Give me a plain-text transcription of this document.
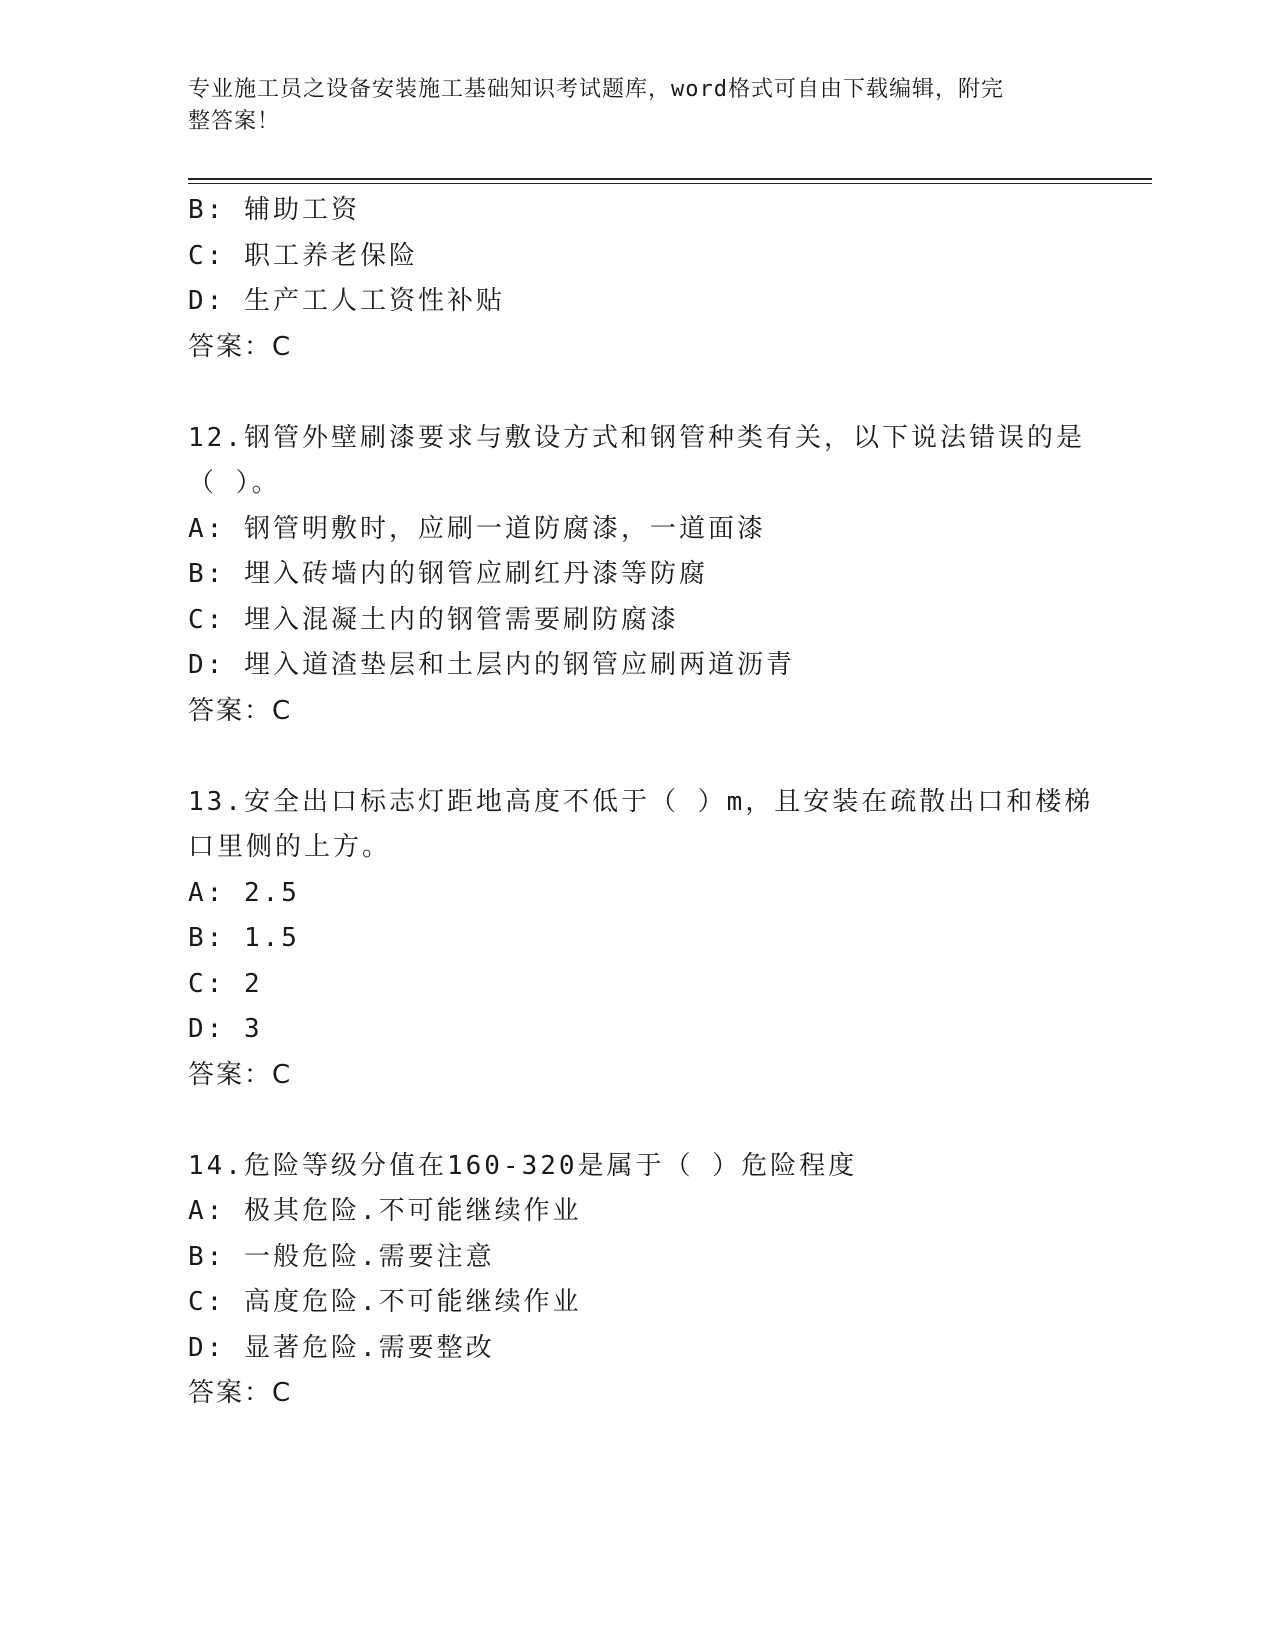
专业施工员之设备安装施工基础知识考试题库，word格式可自由下载编辑，附完
整答案！
B: 辅助工资
C: 职工养老保险
D: 生产工人工资性补贴
答案：C
12.钢管外壁刷漆要求与敷设方式和钢管种类有关，以下说法错误的是
（ ）。
A: 钢管明敷时，应刷一道防腐漆，一道面漆
B: 埋入砖墙内的钢管应刷红丹漆等防腐
C: 埋入混凝土内的钢管需要刷防腐漆
D: 埋入道渣垫层和土层内的钢管应刷两道沥青
答案：C
13.安全出口标志灯距地高度不低于（ ）m，且安装在疏散出口和楼梯
口里侧的上方。
A: 2.5
B: 1.5
C: 2
D: 3
答案：C
14.危险等级分值在160-320是属于（ ）危险程度
A: 极其危险.不可能继续作业
B: 一般危险.需要注意
C: 高度危险.不可能继续作业
D: 显著危险.需要整改
答案：C
